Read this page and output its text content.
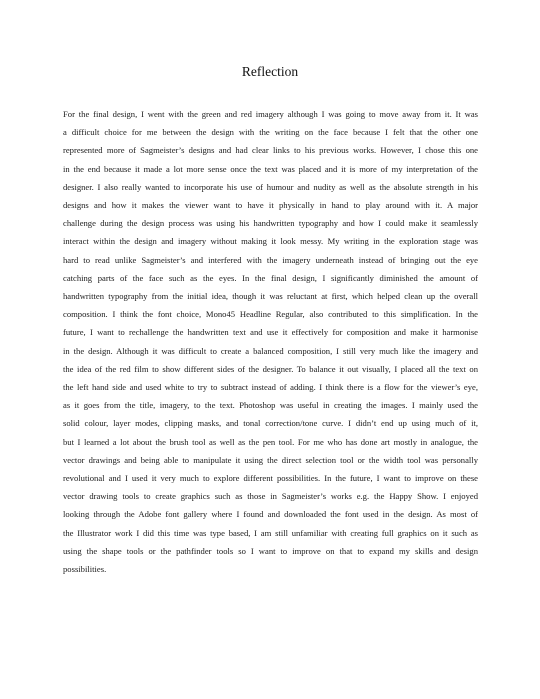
Reflection
For the final design, I went with the green and red imagery although I was going to move away from it. It was
a difficult choice for me between the design with the writing on the face because I felt that the other one
represented more of Sagmeister’s designs and had clear links to his previous works. However, I chose this one
in the end because it made a lot more sense once the text was placed and it is more of my interpretation of the
designer. I also really wanted to incorporate his use of humour and nudity as well as the absolute strength in his
designs and how it makes the viewer want to have it physically in hand to play around with it. A major
challenge during the design process was using his handwritten typography and how I could make it seamlessly
interact within the design and imagery without making it look messy. My writing in the exploration stage was
hard to read unlike Sagmeister’s and interfered with the imagery underneath instead of bringing out the eye
catching parts of the face such as the eyes. In the final design, I significantly diminished the amount of
handwritten typography from the initial idea, though it was reluctant at first, which helped clean up the overall
composition. I think the font choice, Mono45 Headline Regular, also contributed to this simplification. In the
future, I want to rechallenge the handwritten text and use it effectively for composition and make it harmonise
in the design. Although it was difficult to create a balanced composition, I still very much like the imagery and
the idea of the red film to show different sides of the designer. To balance it out visually, I placed all the text on
the left hand side and used white to try to subtract instead of adding. I think there is a flow for the viewer’s eye,
as it goes from the title, imagery, to the text. Photoshop was useful in creating the images. I mainly used the
solid colour, layer modes, clipping masks, and tonal correction/tone curve. I didn’t end up using much of it,
but I learned a lot about the brush tool as well as the pen tool. For me who has done art mostly in analogue, the
vector drawings and being able to manipulate it using the direct selection tool or the width tool was personally
revolutional and I used it very much to explore different possibilities. In the future, I want to improve on these
vector drawing tools to create graphics such as those in Sagmeister’s works e.g. the Happy Show. I enjoyed
looking through the Adobe font gallery where I found and downloaded the font used in the design. As most of
the Illustrator work I did this time was type based, I am still unfamiliar with creating full graphics on it such as
using the shape tools or the pathfinder tools so I want to improve on that to expand my skills and design
possibilities.
